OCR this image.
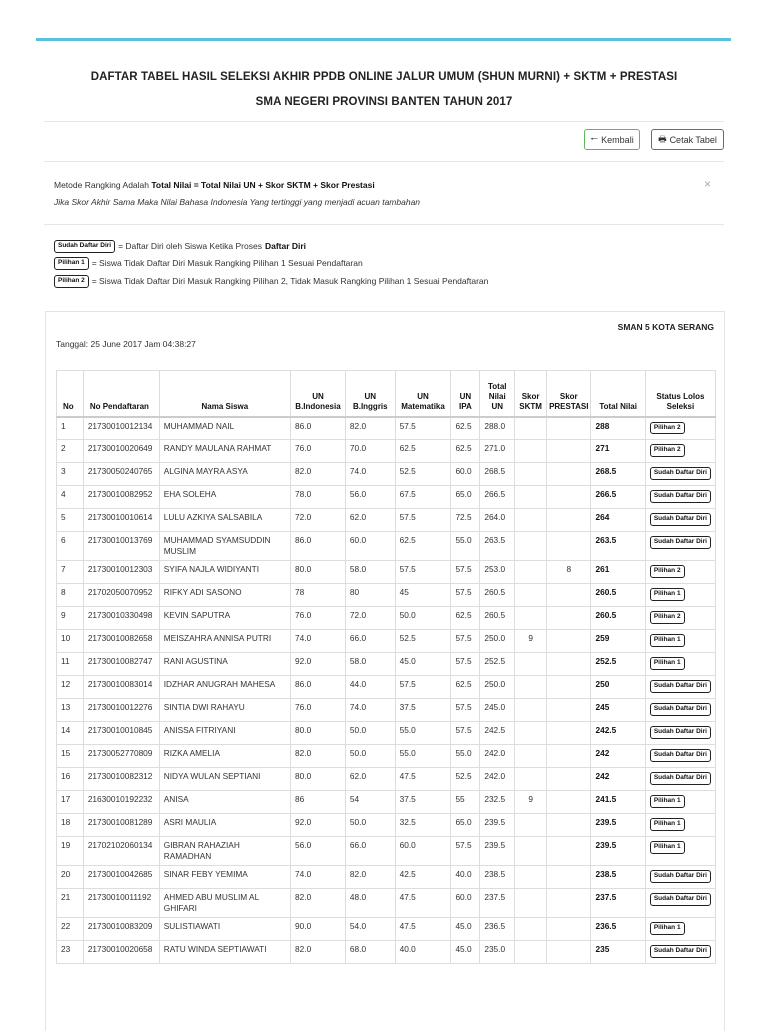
DAFTAR TABEL HASIL SELEKSI AKHIR PPDB ONLINE JALUR UMUM (SHUN MURNI) + SKTM + PRESTASI
SMA NEGERI PROVINSI BANTEN TAHUN 2017
🠐 Kembali	🖶 Cetak Tabel
Metode Rangking Adalah Total Nilai = Total Nilai UN + Skor SKTM + Skor Prestasi
Jika Skor Akhir Sama Maka Nilai Bahasa Indonesia Yang tertinggi yang menjadi acuan tambahan
×
Sudah Daftar Diri = Daftar Diri oleh Siswa Ketika Proses Daftar Diri
Pilihan 1 = Siswa Tidak Daftar Diri Masuk Rangking Pilihan 1 Sesuai Pendaftaran
Pilihan 2 = Siswa Tidak Daftar Diri Masuk Rangking Pilihan 2, Tidak Masuk Rangking Pilihan 1 Sesuai Pendaftaran
SMAN 5 KOTA SERANG
Tanggal: 25 June 2017 Jam 04:38:27
No	No Pendaftaran	Nama Siswa	UN B.Indonesia	UN B.Inggris	UN Matematika	UN IPA	Total Nilai UN	Skor SKTM	Skor PRESTASI	Total Nilai	Status Lolos Seleksi
1	21730010012134	MUHAMMAD NAIL	86.0	82.0	57.5	62.5	288.0			288	Pilihan 2
2	21730010020649	RANDY MAULANA RAHMAT	76.0	70.0	62.5	62.5	271.0			271	Pilihan 2
3	21730050240765	ALGINA MAYRA ASYA	82.0	74.0	52.5	60.0	268.5			268.5	Sudah Daftar Diri
4	21730010082952	EHA SOLEHA	78.0	56.0	67.5	65.0	266.5			266.5	Sudah Daftar Diri
5	21730010010614	LULU AZKIYA SALSABILA	72.0	62.0	57.5	72.5	264.0			264	Sudah Daftar Diri
6	21730010013769	MUHAMMAD SYAMSUDDIN MUSLIM	86.0	60.0	62.5	55.0	263.5			263.5	Sudah Daftar Diri
7	21730010012303	SYIFA NAJLA WIDIYANTI	80.0	58.0	57.5	57.5	253.0		8	261	Pilihan 2
8	21702050070952	RIFKY ADI SASONO	78	80	45	57.5	260.5			260.5	Pilihan 1
9	21730010330498	KEVIN SAPUTRA	76.0	72.0	50.0	62.5	260.5			260.5	Pilihan 2
10	21730010082658	MEISZAHRA ANNISA PUTRI	74.0	66.0	52.5	57.5	250.0	9		259	Pilihan 1
11	21730010082747	RANI AGUSTINA	92.0	58.0	45.0	57.5	252.5			252.5	Pilihan 1
12	21730010083014	IDZHAR ANUGRAH MAHESA	86.0	44.0	57.5	62.5	250.0			250	Sudah Daftar Diri
13	21730010012276	SINTIA DWI RAHAYU	76.0	74.0	37.5	57.5	245.0			245	Sudah Daftar Diri
14	21730010010845	ANISSA FITRIYANI	80.0	50.0	55.0	57.5	242.5			242.5	Sudah Daftar Diri
15	21730052770809	RIZKA AMELIA	82.0	50.0	55.0	55.0	242.0			242	Sudah Daftar Diri
16	21730010082312	NIDYA WULAN SEPTIANI	80.0	62.0	47.5	52.5	242.0			242	Sudah Daftar Diri
17	21630010192232	ANISA	86	54	37.5	55	232.5	9		241.5	Pilihan 1
18	21730010081289	ASRI MAULIA	92.0	50.0	32.5	65.0	239.5			239.5	Pilihan 1
19	21702102060134	GIBRAN RAHAZIAH RAMADHAN	56.0	66.0	60.0	57.5	239.5			239.5	Pilihan 1
20	21730010042685	SINAR FEBY YEMIMA	74.0	82.0	42.5	40.0	238.5			238.5	Sudah Daftar Diri
21	21730010011192	AHMED ABU MUSLIM AL GHIFARI	82.0	48.0	47.5	60.0	237.5			237.5	Sudah Daftar Diri
22	21730010083209	SULISTIAWATI	90.0	54.0	47.5	45.0	236.5			236.5	Pilihan 1
23	21730010020658	RATU WINDA SEPTIAWATI	82.0	68.0	40.0	45.0	235.0			235	Sudah Daftar Diri
